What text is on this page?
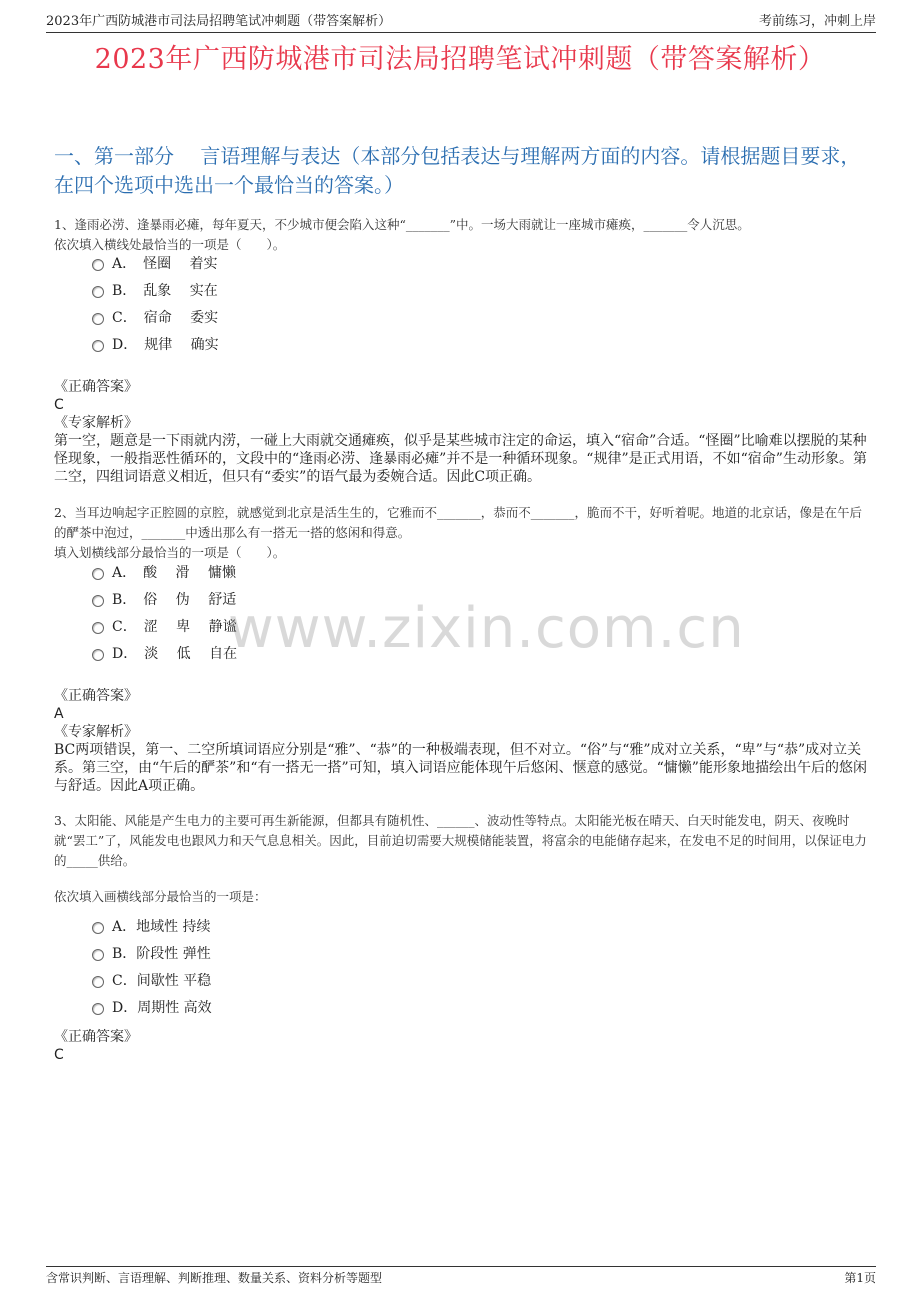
2023年广西防城港市司法局招聘笔试冲刺题（带答案解析）	考前练习，冲刺上岸
2023年广西防城港市司法局招聘笔试冲刺题（带答案解析）
一、第一部分　 言语理解与表达（本部分包括表达与理解两方面的内容。请根据题目要求，在四个选项中选出一个最恰当的答案。）
www.zixin.com.cn

1、逢雨必涝、逢暴雨必瘫，每年夏天，不少城市便会陷入这种“_______”中。一场大雨就让一座城市瘫痪，_______令人沉思。

依次填入横线处最恰当的一项是（　　）。

A．　怪圈　 着实
B．　乱象　 实在
C．　宿命　 委实
D．　规律　 确实

《正确答案》

C

《专家解析》

第一空，题意是一下雨就内涝，一碰上大雨就交通瘫痪，似乎是某些城市注定的命运，填入“宿命”合适。“怪圈”比喻难以摆脱的某种怪现象，一般指恶性循环的，文段中的“逢雨必涝、逢暴雨必瘫”并不是一种循环现象。“规律”是正式用语，不如“宿命”生动形象。第二空，四组词语意义相近，但只有“委实”的语气最为委婉合适。因此C项正确。

2、当耳边响起字正腔圆的京腔，就感觉到北京是活生生的，它雅而不_______，恭而不_______，脆而不干，好听着呢。地道的北京话，像是在午后的酽茶中泡过，_______中透出那么有一搭无一搭的悠闲和得意。

填入划横线部分最恰当的一项是（　　）。

A．　酸　 滑　 慵懒
B．　俗　 伪　 舒适
C．　涩　 卑　 静谧
D．　淡　 低　 自在

《正确答案》

A

《专家解析》

BC两项错误，第一、二空所填词语应分别是“雅”、“恭”的一种极端表现，但不对立。“俗”与“雅”成对立关系，“卑”与“恭”成对立关系。第三空，由“午后的酽茶”和“有一搭无一搭”可知，填入词语应能体现午后悠闲、惬意的感觉。“慵懒”能形象地描绘出午后的悠闲与舒适。因此A项正确。

3、太阳能、风能是产生电力的主要可再生新能源，但都具有随机性、______、波动性等特点。太阳能光板在晴天、白天时能发电，阴天、夜晚时就“罢工”了，风能发电也跟风力和天气息息相关。因此，目前迫切需要大规模储能装置，将富余的电能储存起来，在发电不足的时间用，以保证电力的_____供给。

依次填入画横线部分最恰当的一项是：

A．地域性 持续
B．阶段性 弹性
C．间歇性 平稳
D．周期性 高效

《正确答案》

C

含常识判断、言语理解、判断推理、数量关系、资料分析等题型	第1页
